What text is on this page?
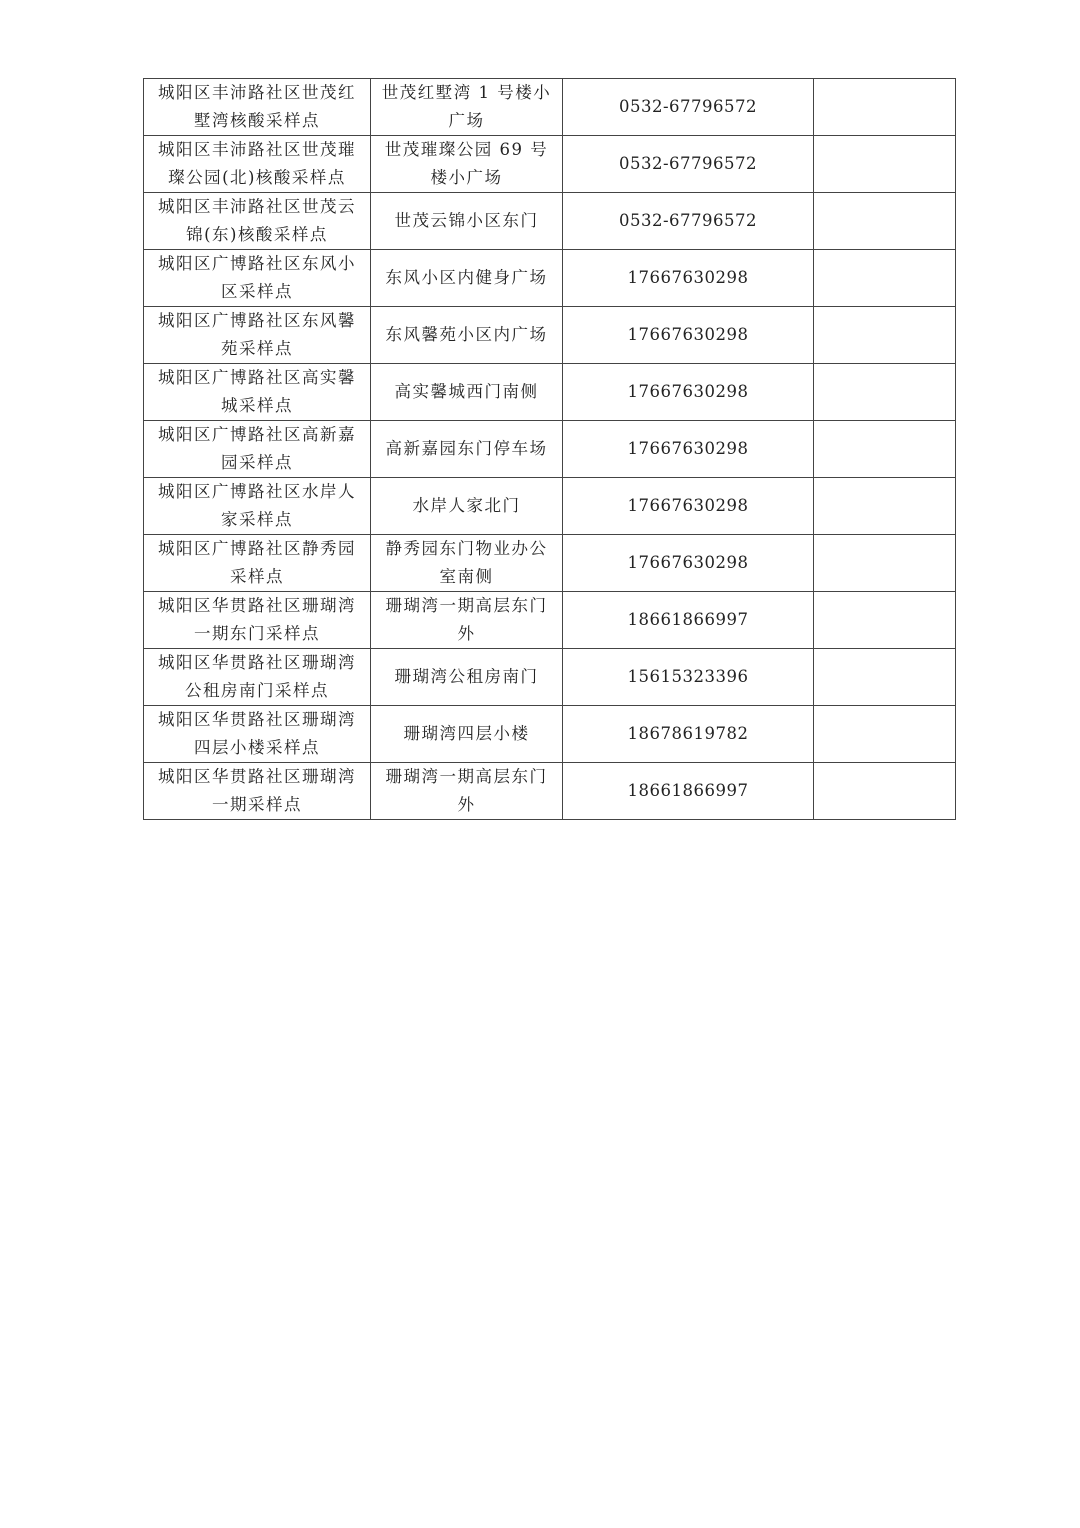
城阳区丰沛路社区世茂红墅湾核酸采样点	世茂红墅湾 1 号楼小广场	0532-67796572	
城阳区丰沛路社区世茂璀璨公园(北)核酸采样点	世茂璀璨公园 69 号楼小广场	0532-67796572	
城阳区丰沛路社区世茂云锦(东)核酸采样点	世茂云锦小区东门	0532-67796572	
城阳区广博路社区东风小区采样点	东风小区内健身广场	17667630298	
城阳区广博路社区东风馨苑采样点	东风馨苑小区内广场	17667630298	
城阳区广博路社区高实馨城采样点	高实馨城西门南侧	17667630298	
城阳区广博路社区高新嘉园采样点	高新嘉园东门停车场	17667630298	
城阳区广博路社区水岸人家采样点	水岸人家北门	17667630298	
城阳区广博路社区静秀园采样点	静秀园东门物业办公室南侧	17667630298	
城阳区华贯路社区珊瑚湾一期东门采样点	珊瑚湾一期高层东门外	18661866997	
城阳区华贯路社区珊瑚湾公租房南门采样点	珊瑚湾公租房南门	15615323396	
城阳区华贯路社区珊瑚湾四层小楼采样点	珊瑚湾四层小楼	18678619782	
城阳区华贯路社区珊瑚湾一期采样点	珊瑚湾一期高层东门外	18661866997	
